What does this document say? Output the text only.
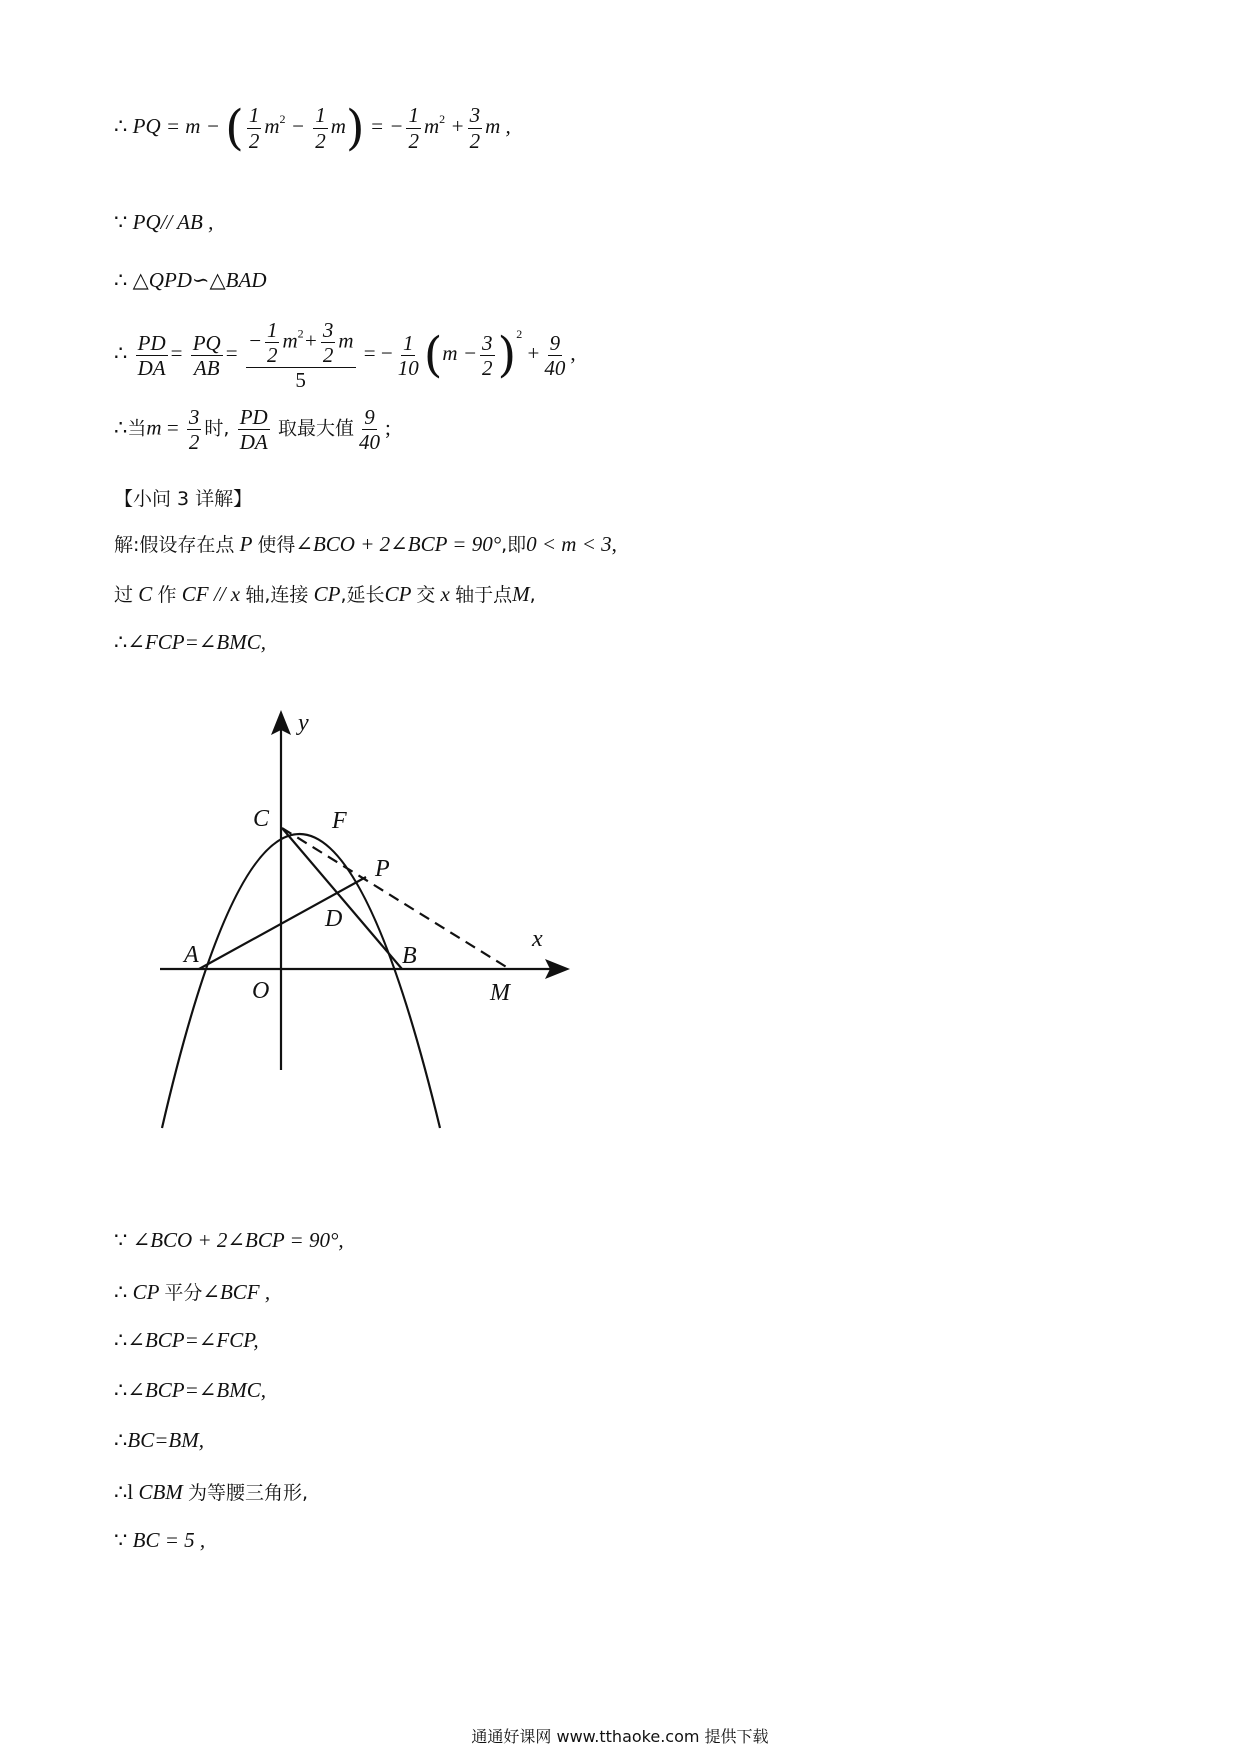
∴ PQ = m − ( $\frac{1}{2} m^2 - \frac{1}{2} m$) = − $\frac{1}{2} m^2 + \frac{3}{2}$ m ,
∵ PQ// AB ,
∴ △QPD∽△BAD
∴ $\frac{PD}{DA} = \frac{PQ}{AB} = \frac{- \frac{1}{2} m^2+ \frac{3}{2} m}{5}$ = − $\frac{1}{10} (m - \frac{3}{2} )^2 + \frac{9}{40}$ ,
∴当$m = \frac{3}{2}$ 时, $\frac{PD}{DA}$ 取最大值 $\frac{9}{40}$ ;
【小问 3 详解】
解:假设存在点 P 使得∠BCO + 2∠BCP = 90°,即0 < m < 3,
过 C 作 CF // x 轴,连接 CP,延长CP 交 x 轴于点M,
∴∠FCP=∠BMC,
y
x
C	F
P
D
A	B
O	M
∵ ∠BCO + 2∠BCP = 90°,
∴ CP 平分∠BCF ,
∴∠BCP=∠FCP,
∴∠BCP=∠BMC,
∴BC=BM,
∴l CBM 为等腰三角形,
∵ BC = 5 ,
通通好课网 www.tthaoke.com 提供下载
